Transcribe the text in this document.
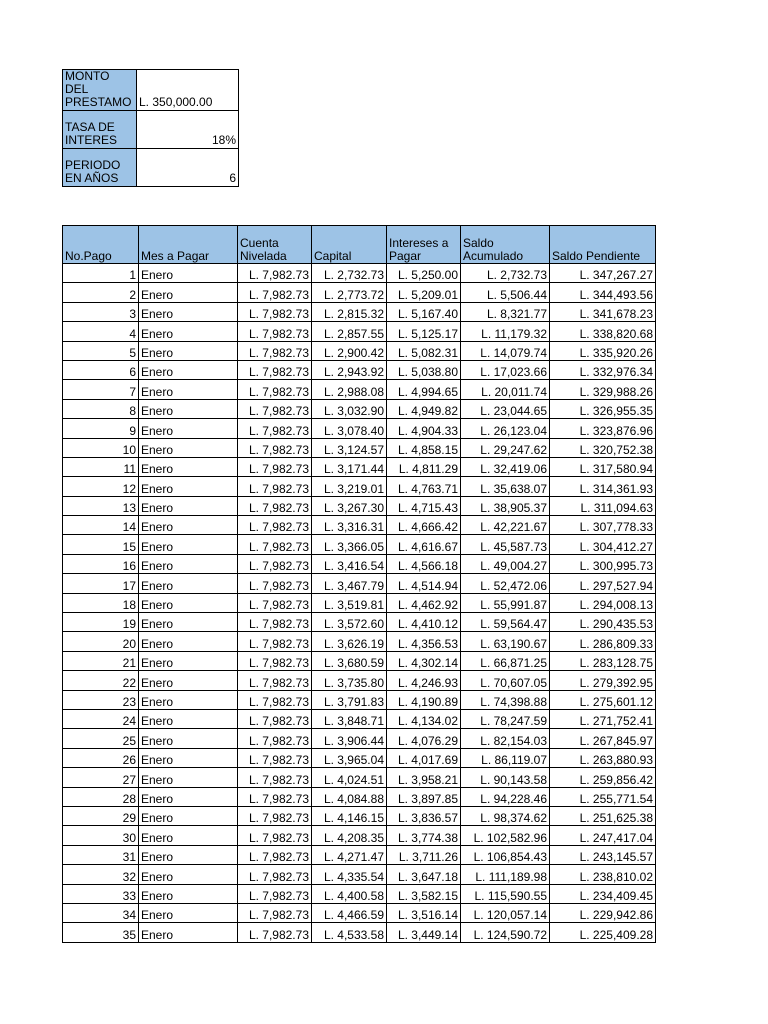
MONTO DEL PRESTAMO	L. 350,000.00
TASA DE INTERES	18%
PERIODO EN AÑOS	6
No.Pago	Mes a Pagar	Cuenta Nivelada	Capital	Intereses a Pagar	Saldo Acumulado	Saldo Pendiente
1	Enero	L. 7,982.73	L. 2,732.73	L. 5,250.00	L. 2,732.73	L. 347,267.27
2	Enero	L. 7,982.73	L. 2,773.72	L. 5,209.01	L. 5,506.44	L. 344,493.56
3	Enero	L. 7,982.73	L. 2,815.32	L. 5,167.40	L. 8,321.77	L. 341,678.23
4	Enero	L. 7,982.73	L. 2,857.55	L. 5,125.17	L. 11,179.32	L. 338,820.68
5	Enero	L. 7,982.73	L. 2,900.42	L. 5,082.31	L. 14,079.74	L. 335,920.26
6	Enero	L. 7,982.73	L. 2,943.92	L. 5,038.80	L. 17,023.66	L. 332,976.34
7	Enero	L. 7,982.73	L. 2,988.08	L. 4,994.65	L. 20,011.74	L. 329,988.26
8	Enero	L. 7,982.73	L. 3,032.90	L. 4,949.82	L. 23,044.65	L. 326,955.35
9	Enero	L. 7,982.73	L. 3,078.40	L. 4,904.33	L. 26,123.04	L. 323,876.96
10	Enero	L. 7,982.73	L. 3,124.57	L. 4,858.15	L. 29,247.62	L. 320,752.38
11	Enero	L. 7,982.73	L. 3,171.44	L. 4,811.29	L. 32,419.06	L. 317,580.94
12	Enero	L. 7,982.73	L. 3,219.01	L. 4,763.71	L. 35,638.07	L. 314,361.93
13	Enero	L. 7,982.73	L. 3,267.30	L. 4,715.43	L. 38,905.37	L. 311,094.63
14	Enero	L. 7,982.73	L. 3,316.31	L. 4,666.42	L. 42,221.67	L. 307,778.33
15	Enero	L. 7,982.73	L. 3,366.05	L. 4,616.67	L. 45,587.73	L. 304,412.27
16	Enero	L. 7,982.73	L. 3,416.54	L. 4,566.18	L. 49,004.27	L. 300,995.73
17	Enero	L. 7,982.73	L. 3,467.79	L. 4,514.94	L. 52,472.06	L. 297,527.94
18	Enero	L. 7,982.73	L. 3,519.81	L. 4,462.92	L. 55,991.87	L. 294,008.13
19	Enero	L. 7,982.73	L. 3,572.60	L. 4,410.12	L. 59,564.47	L. 290,435.53
20	Enero	L. 7,982.73	L. 3,626.19	L. 4,356.53	L. 63,190.67	L. 286,809.33
21	Enero	L. 7,982.73	L. 3,680.59	L. 4,302.14	L. 66,871.25	L. 283,128.75
22	Enero	L. 7,982.73	L. 3,735.80	L. 4,246.93	L. 70,607.05	L. 279,392.95
23	Enero	L. 7,982.73	L. 3,791.83	L. 4,190.89	L. 74,398.88	L. 275,601.12
24	Enero	L. 7,982.73	L. 3,848.71	L. 4,134.02	L. 78,247.59	L. 271,752.41
25	Enero	L. 7,982.73	L. 3,906.44	L. 4,076.29	L. 82,154.03	L. 267,845.97
26	Enero	L. 7,982.73	L. 3,965.04	L. 4,017.69	L. 86,119.07	L. 263,880.93
27	Enero	L. 7,982.73	L. 4,024.51	L. 3,958.21	L. 90,143.58	L. 259,856.42
28	Enero	L. 7,982.73	L. 4,084.88	L. 3,897.85	L. 94,228.46	L. 255,771.54
29	Enero	L. 7,982.73	L. 4,146.15	L. 3,836.57	L. 98,374.62	L. 251,625.38
30	Enero	L. 7,982.73	L. 4,208.35	L. 3,774.38	L. 102,582.96	L. 247,417.04
31	Enero	L. 7,982.73	L. 4,271.47	L. 3,711.26	L. 106,854.43	L. 243,145.57
32	Enero	L. 7,982.73	L. 4,335.54	L. 3,647.18	L. 111,189.98	L. 238,810.02
33	Enero	L. 7,982.73	L. 4,400.58	L. 3,582.15	L. 115,590.55	L. 234,409.45
34	Enero	L. 7,982.73	L. 4,466.59	L. 3,516.14	L. 120,057.14	L. 229,942.86
35	Enero	L. 7,982.73	L. 4,533.58	L. 3,449.14	L. 124,590.72	L. 225,409.28
